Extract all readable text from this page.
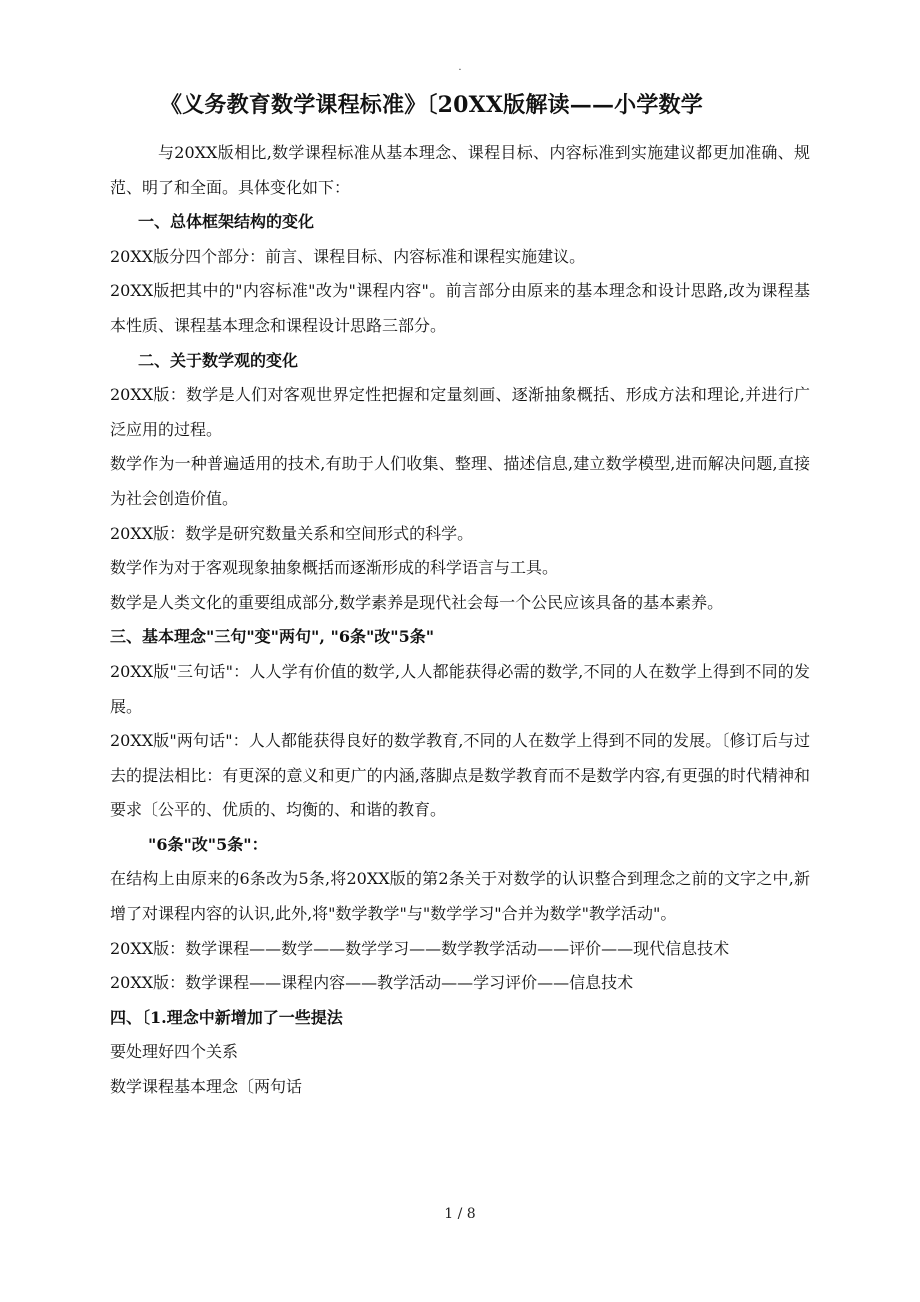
.
《义务教育数学课程标准》〔20XX版解读——小学数学

与20XX版相比,数学课程标准从基本理念、课程目标、内容标准到实施建议都更加准确、规范、明了和全面。具体变化如下：

一、总体框架结构的变化

20XX版分四个部分：前言、课程目标、内容标准和课程实施建议。

20XX版把其中的"内容标准"改为"课程内容"。前言部分由原来的基本理念和设计思路,改为课程基本性质、课程基本理念和课程设计思路三部分。

二、关于数学观的变化

20XX版：数学是人们对客观世界定性把握和定量刻画、逐渐抽象概括、形成方法和理论,并进行广泛应用的过程。

数学作为一种普遍适用的技术,有助于人们收集、整理、描述信息,建立数学模型,进而解决问题,直接为社会创造价值。

20XX版：数学是研究数量关系和空间形式的科学。

数学作为对于客观现象抽象概括而逐渐形成的科学语言与工具。

数学是人类文化的重要组成部分,数学素养是现代社会每一个公民应该具备的基本素养。

三、基本理念"三句"变"两句", "6条"改"5条"

20XX版"三句话"：人人学有价值的数学,人人都能获得必需的数学,不同的人在数学上得到不同的发展。

20XX版"两句话"：人人都能获得良好的数学教育,不同的人在数学上得到不同的发展。〔修订后与过去的提法相比：有更深的意义和更广的内涵,落脚点是数学教育而不是数学内容,有更强的时代精神和要求〔公平的、优质的、均衡的、和谐的教育。

"6条"改"5条"：

在结构上由原来的6条改为5条,将20XX版的第2条关于对数学的认识整合到理念之前的文字之中,新增了对课程内容的认识,此外,将"数学教学"与"数学学习"合并为数学"教学活动"。

20XX版：数学课程——数学——数学学习——数学教学活动——评价——现代信息技术

20XX版：数学课程——课程内容——教学活动——学习评价——信息技术

四、〔1.理念中新增加了一些提法

要处理好四个关系

数学课程基本理念〔两句话

1 / 8
